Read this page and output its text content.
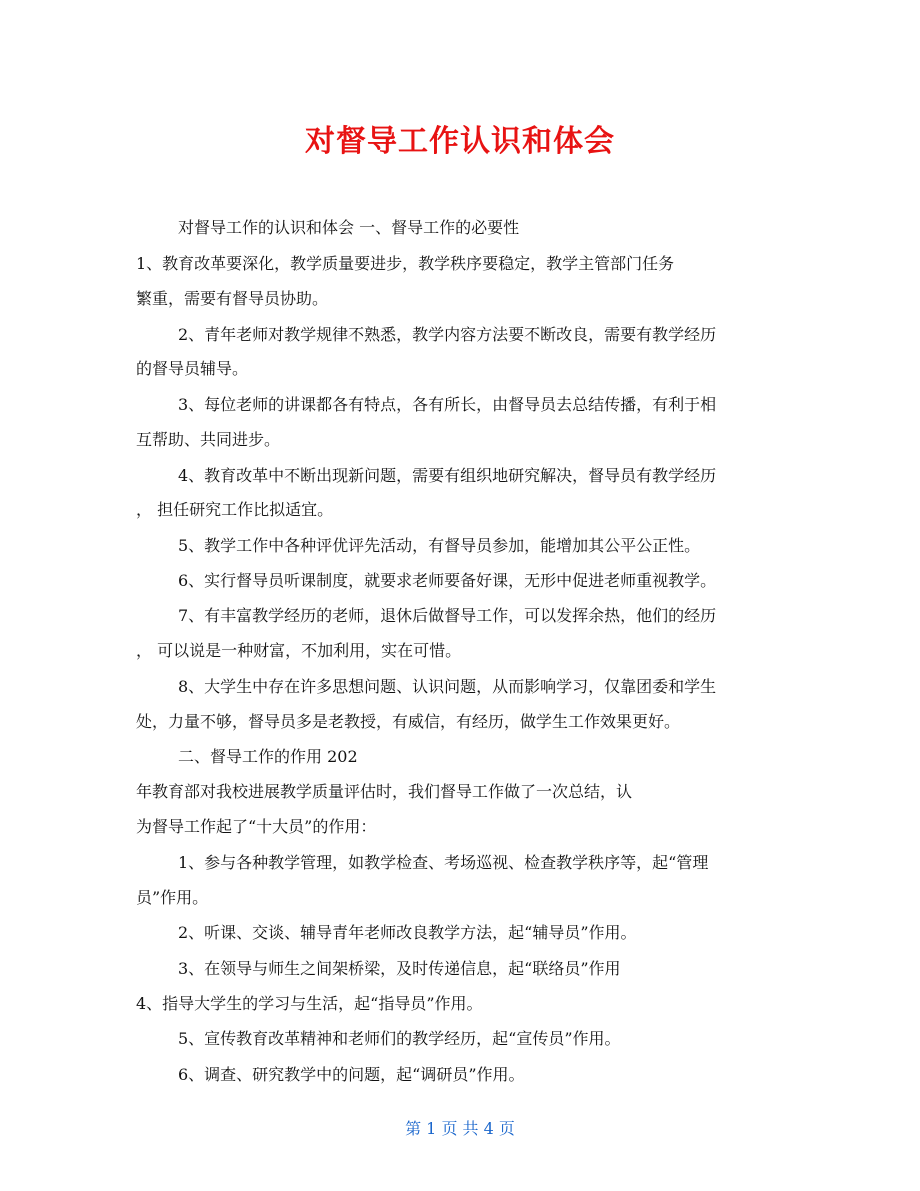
对督导工作认识和体会
对督导工作的认识和体会 一、督导工作的必要性
1、教育改革要深化，教学质量要进步，教学秩序要稳定，教学主管部门任务
繁重，需要有督导员协助。
2、青年老师对教学规律不熟悉，教学内容方法要不断改良，需要有教学经历
的督导员辅导。
3、每位老师的讲课都各有特点，各有所长，由督导员去总结传播，有利于相
互帮助、共同进步。
4、教育改革中不断出现新问题，需要有组织地研究解决，督导员有教学经历
， 担任研究工作比拟适宜。
5、教学工作中各种评优评先活动，有督导员参加，能增加其公平公正性。
6、实行督导员听课制度，就要求老师要备好课，无形中促进老师重视教学。
7、有丰富教学经历的老师，退休后做督导工作，可以发挥余热，他们的经历
， 可以说是一种财富，不加利用，实在可惜。
8、大学生中存在许多思想问题、认识问题，从而影响学习，仅靠团委和学生
处，力量不够，督导员多是老教授，有威信，有经历，做学生工作效果更好。
二、督导工作的作用 202
年教育部对我校进展教学质量评估时，我们督导工作做了一次总结，认
为督导工作起了“十大员”的作用：
1、参与各种教学管理，如教学检查、考场巡视、检查教学秩序等，起“管理
员”作用。
2、听课、交谈、辅导青年老师改良教学方法，起“辅导员”作用。
3、在领导与师生之间架桥梁，及时传递信息，起“联络员”作用
4、指导大学生的学习与生活，起“指导员”作用。
5、宣传教育改革精神和老师们的教学经历，起“宣传员”作用。
6、调查、研究教学中的问题，起“调研员”作用。
第 1 页 共 4 页
